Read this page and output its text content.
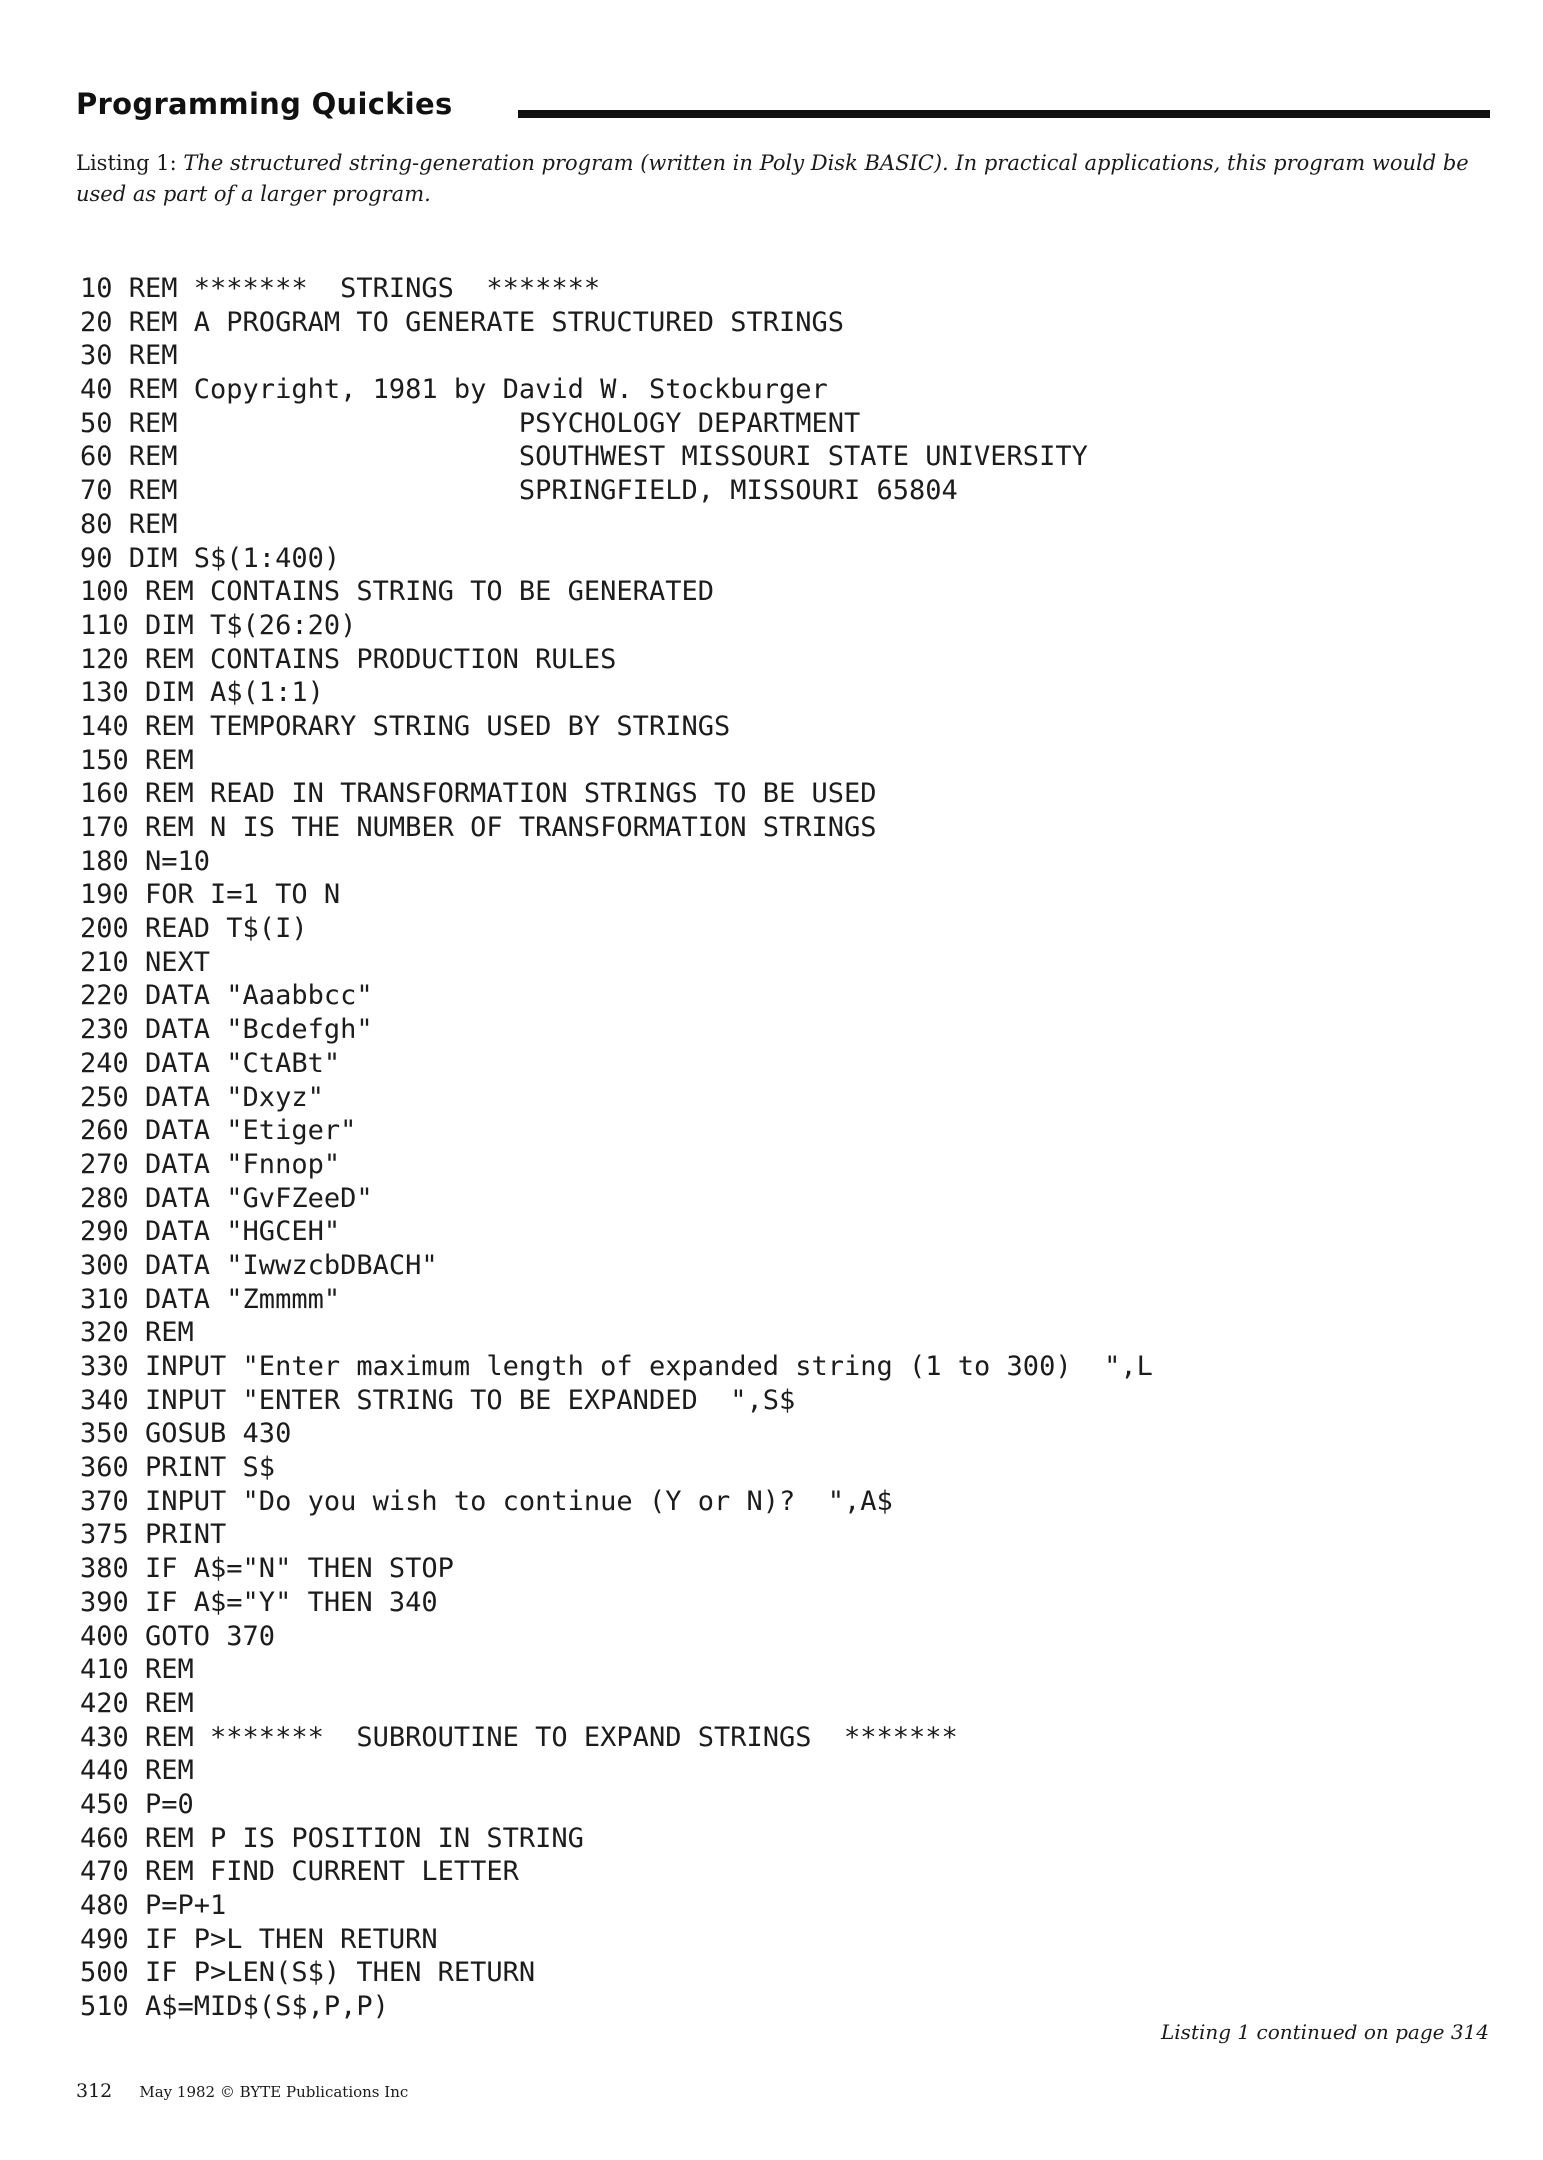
Programming Quickies
Listing 1: The structured string-generation program (written in Poly Disk BASIC). In practical applications, this program would be used as part of a larger program.
10 REM *******  STRINGS  *******
20 REM A PROGRAM TO GENERATE STRUCTURED STRINGS
30 REM
40 REM Copyright, 1981 by David W. Stockburger
50 REM                     PSYCHOLOGY DEPARTMENT
60 REM                     SOUTHWEST MISSOURI STATE UNIVERSITY
70 REM                     SPRINGFIELD, MISSOURI 65804
80 REM
90 DIM S$(1:400)
100 REM CONTAINS STRING TO BE GENERATED
110 DIM T$(26:20)
120 REM CONTAINS PRODUCTION RULES
130 DIM A$(1:1)
140 REM TEMPORARY STRING USED BY STRINGS
150 REM
160 REM READ IN TRANSFORMATION STRINGS TO BE USED
170 REM N IS THE NUMBER OF TRANSFORMATION STRINGS
180 N=10
190 FOR I=1 TO N
200 READ T$(I)
210 NEXT
220 DATA "Aaabbcc"
230 DATA "Bcdefgh"
240 DATA "CtABt"
250 DATA "Dxyz"
260 DATA "Etiger"
270 DATA "Fnnop"
280 DATA "GvFZeeD"
290 DATA "HGCEH"
300 DATA "IwwzcbDBACH"
310 DATA "Zmmmm"
320 REM
330 INPUT "Enter maximum length of expanded string (1 to 300)  ",L
340 INPUT "ENTER STRING TO BE EXPANDED  ",S$
350 GOSUB 430
360 PRINT S$
370 INPUT "Do you wish to continue (Y or N)?  ",A$
375 PRINT
380 IF A$="N" THEN STOP
390 IF A$="Y" THEN 340
400 GOTO 370
410 REM
420 REM
430 REM *******  SUBROUTINE TO EXPAND STRINGS  *******
440 REM
450 P=0
460 REM P IS POSITION IN STRING
470 REM FIND CURRENT LETTER
480 P=P+1
490 IF P>L THEN RETURN
500 IF P>LEN(S$) THEN RETURN
510 A$=MID$(S$,P,P)
Listing 1 continued on page 314
312 May 1982 © BYTE Publications Inc
